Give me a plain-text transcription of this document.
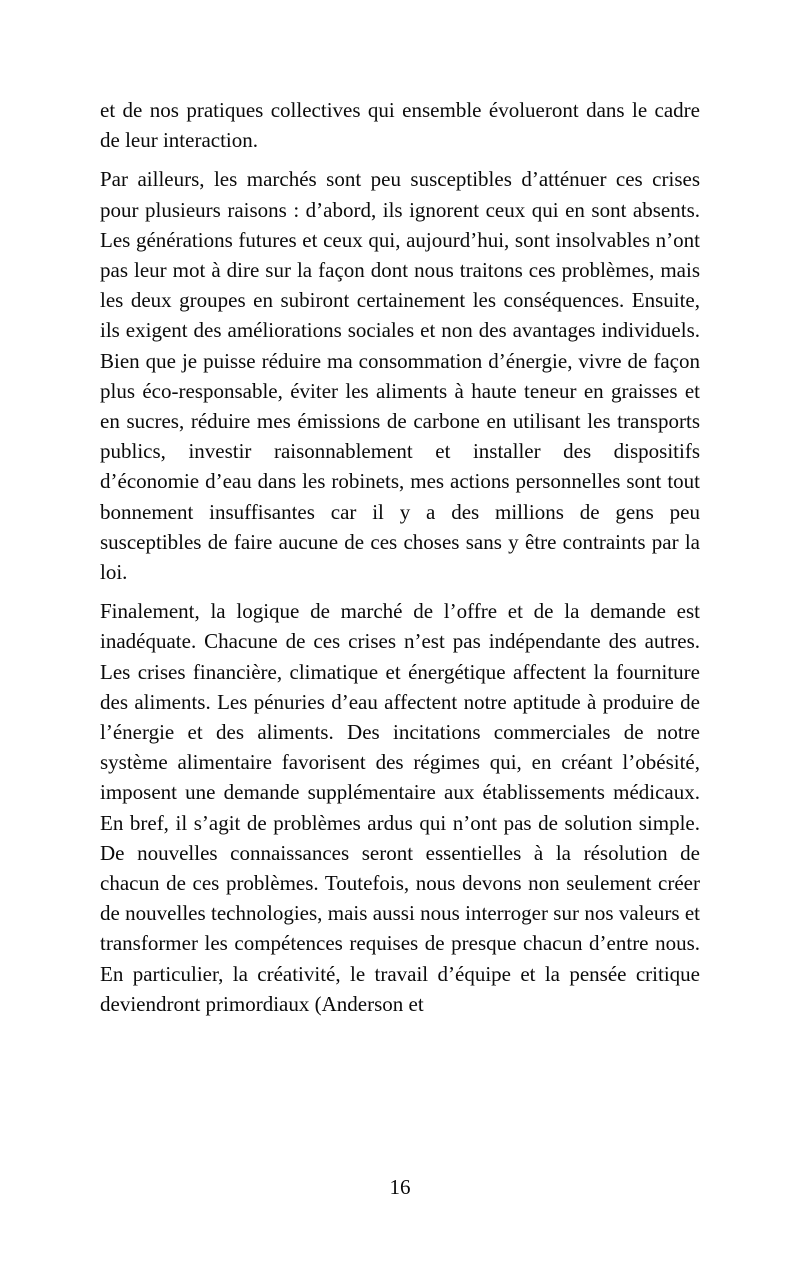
et de nos pratiques collectives qui ensemble évolueront dans le cadre de leur interaction.

Par ailleurs, les marchés sont peu susceptibles d’atténuer ces crises pour plusieurs raisons : d’abord, ils ignorent ceux qui en sont absents. Les générations futures et ceux qui, aujourd’hui, sont insolvables n’ont pas leur mot à dire sur la façon dont nous traitons ces problèmes, mais les deux groupes en subiront certainement les conséquences. Ensuite, ils exigent des améliorations sociales et non des avantages individuels. Bien que je puisse réduire ma consommation d’énergie, vivre de façon plus éco-responsable, éviter les aliments à haute teneur en graisses et en sucres, réduire mes émissions de carbone en utilisant les transports publics, investir raisonnablement et installer des dispositifs d’économie d’eau dans les robinets, mes actions personnelles sont tout bonnement insuffisantes car il y a des millions de gens peu susceptibles de faire aucune de ces choses sans y être contraints par la loi.

Finalement, la logique de marché de l’offre et de la demande est inadéquate. Chacune de ces crises n’est pas indépendante des autres. Les crises financière, climatique et énergétique affectent la fourniture des aliments. Les pénuries d’eau affectent notre aptitude à produire de l’énergie et des aliments. Des incitations commerciales de notre système alimentaire favorisent des régimes qui, en créant l’obésité, imposent une demande supplémentaire aux établissements médicaux. En bref, il s’agit de problèmes ardus qui n’ont pas de solution simple. De nouvelles connaissances seront essentielles à la résolution de chacun de ces problèmes. Toutefois, nous devons non seulement créer de nouvelles technologies, mais aussi nous interroger sur nos valeurs et transformer les compétences requises de presque chacun d’entre nous. En particulier, la créativité, le travail d’équipe et la pensée critique deviendront primordiaux (Anderson et

16
